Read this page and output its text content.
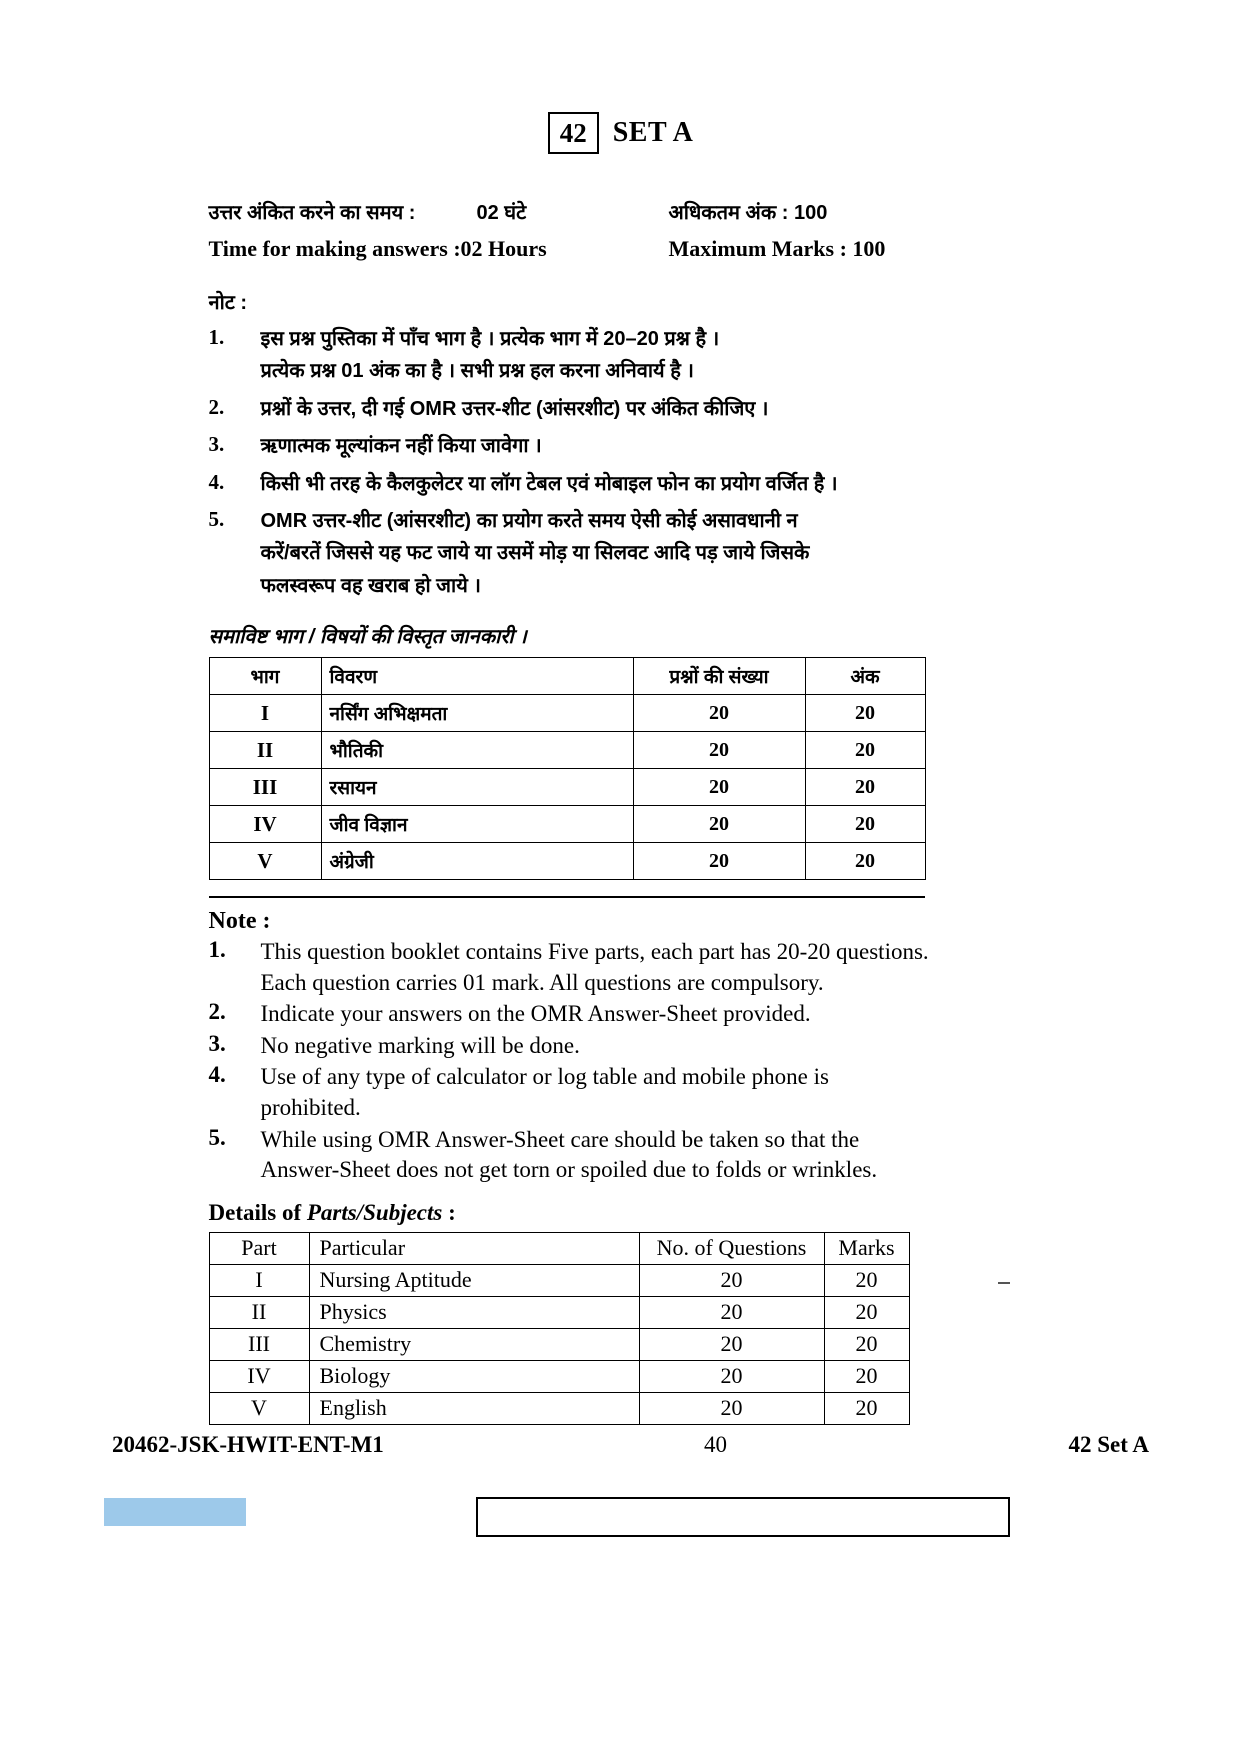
42 SET A
उत्तर अंकित करने का समय :	02 घंटे	अधिकतम अंक : 100
Time for making answers : 02 Hours	Maximum Marks : 100
नोट :
1.	इस प्रश्न पुस्तिका में पाँच भाग है । प्रत्येक भाग में 20–20 प्रश्न है ।
प्रत्येक प्रश्न 01 अंक का है । सभी प्रश्न हल करना अनिवार्य है ।
2.	प्रश्नों के उत्तर, दी गई OMR उत्तर-शीट (आंसरशीट) पर अंकित कीजिए ।
3.	ऋणात्मक मूल्यांकन नहीं किया जावेगा ।
4.	किसी भी तरह के कैलकुलेटर या लॉग टेबल एवं मोबाइल फोन का प्रयोग वर्जित है ।
5.	OMR उत्तर-शीट (आंसरशीट) का प्रयोग करते समय ऐसी कोई असावधानी न
करें/बरतें जिससे यह फट जाये या उसमें मोड़ या सिलवट आदि पड़ जाये जिसके
फलस्वरूप वह खराब हो जाये ।
समाविष्ट भाग / विषयों की विस्तृत जानकारी ।
भाग	विवरण	प्रश्नों की संख्या	अंक
I	नर्सिंग अभिक्षमता	20	20
II	भौतिकी	20	20
III	रसायन	20	20
IV	जीव विज्ञान	20	20
V	अंग्रेजी	20	20
Note :
1.	This question booklet contains Five parts, each part has 20-20 questions.
Each question carries 01 mark. All questions are compulsory.
2.	Indicate your answers on the OMR Answer-Sheet provided.
3.	No negative marking will be done.
4.	Use of any type of calculator or log table and mobile phone is
prohibited.
5.	While using OMR Answer-Sheet care should be taken so that the
Answer-Sheet does not get torn or spoiled due to folds or wrinkles.
Details of Parts/Subjects :
Part	Particular	No. of Questions	Marks
I	Nursing Aptitude	20	20
II	Physics	20	20
III	Chemistry	20	20
IV	Biology	20	20
V	English	20	20
20462-JSK-HWIT-ENT-M1	40	42 Set A
